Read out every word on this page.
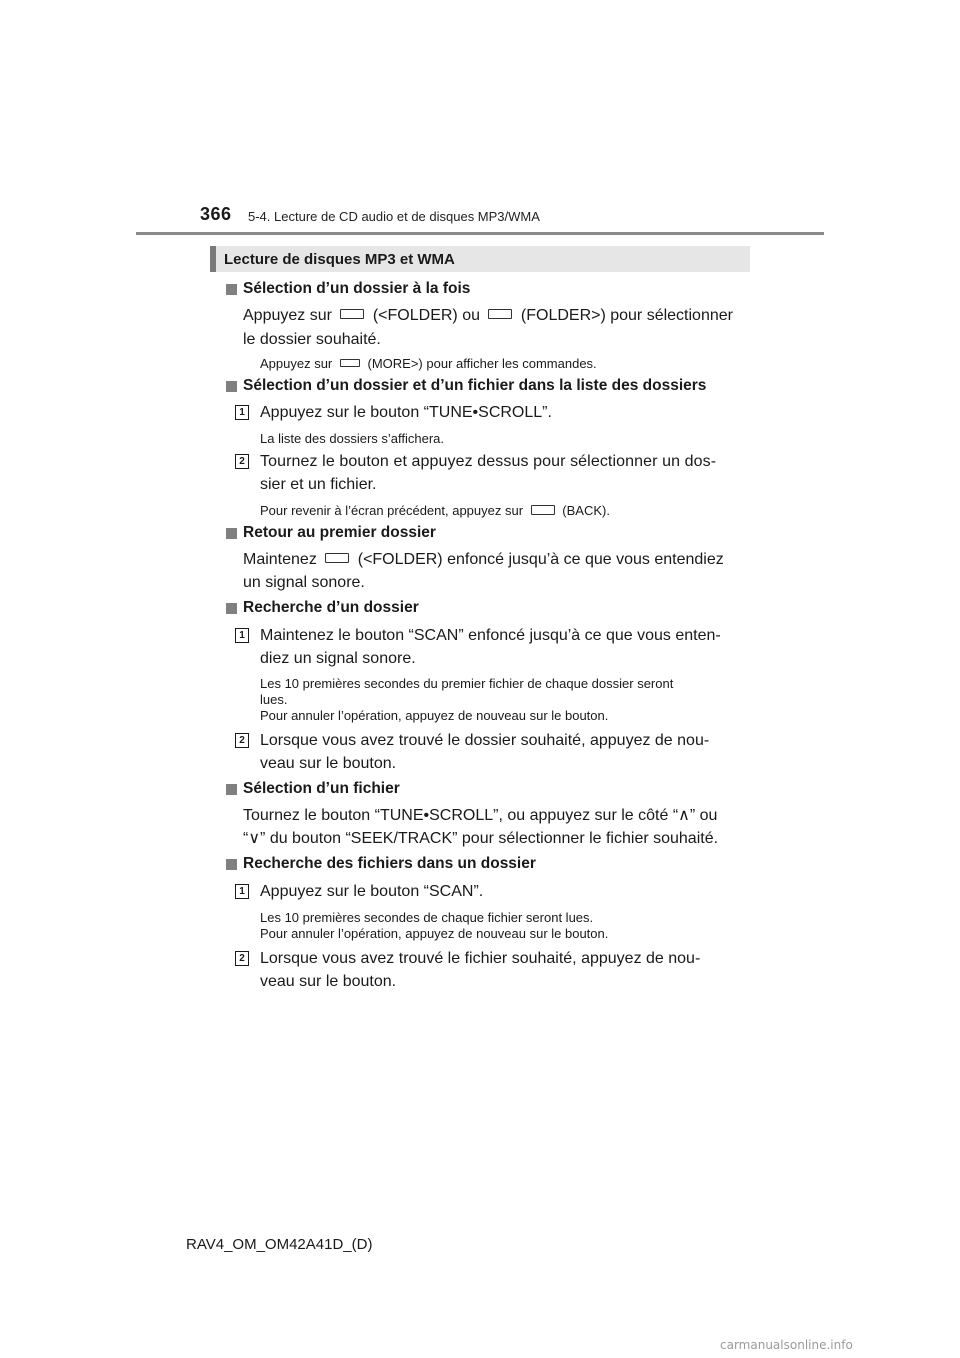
366 5-4. Lecture de CD audio et de disques MP3/WMA
Lecture de disques MP3 et WMA
Sélection d’un dossier à la fois
Appuyez sur	(<FOLDER) ou	(FOLDER>) pour sélectionner
le dossier souhaité.
Appuyez sur	(MORE>) pour afficher les commandes.
Sélection d’un dossier et d’un fichier dans la liste des dossiers
1 Appuyez sur le bouton “TUNE•SCROLL”.
La liste des dossiers s’affichera.
2 Tournez le bouton et appuyez dessus pour sélectionner un dos-
sier et un fichier.
Pour revenir à l’écran précédent, appuyez sur	(BACK).
Retour au premier dossier
Maintenez	(<FOLDER) enfoncé jusqu’à ce que vous entendiez
un signal sonore.
Recherche d’un dossier
1 Maintenez le bouton “SCAN” enfoncé jusqu’à ce que vous enten-
diez un signal sonore.
Les 10 premières secondes du premier fichier de chaque dossier seront
lues.
Pour annuler l’opération, appuyez de nouveau sur le bouton.
2 Lorsque vous avez trouvé le dossier souhaité, appuyez de nou-
veau sur le bouton.
Sélection d’un fichier
Tournez le bouton “TUNE•SCROLL”, ou appuyez sur le côté “∧” ou
“∨” du bouton “SEEK/TRACK” pour sélectionner le fichier souhaité.
Recherche des fichiers dans un dossier
1 Appuyez sur le bouton “SCAN”.
Les 10 premières secondes de chaque fichier seront lues.
Pour annuler l’opération, appuyez de nouveau sur le bouton.
2 Lorsque vous avez trouvé le fichier souhaité, appuyez de nou-
veau sur le bouton.
RAV4_OM_OM42A41D_(D)
carmanualsonline.info
